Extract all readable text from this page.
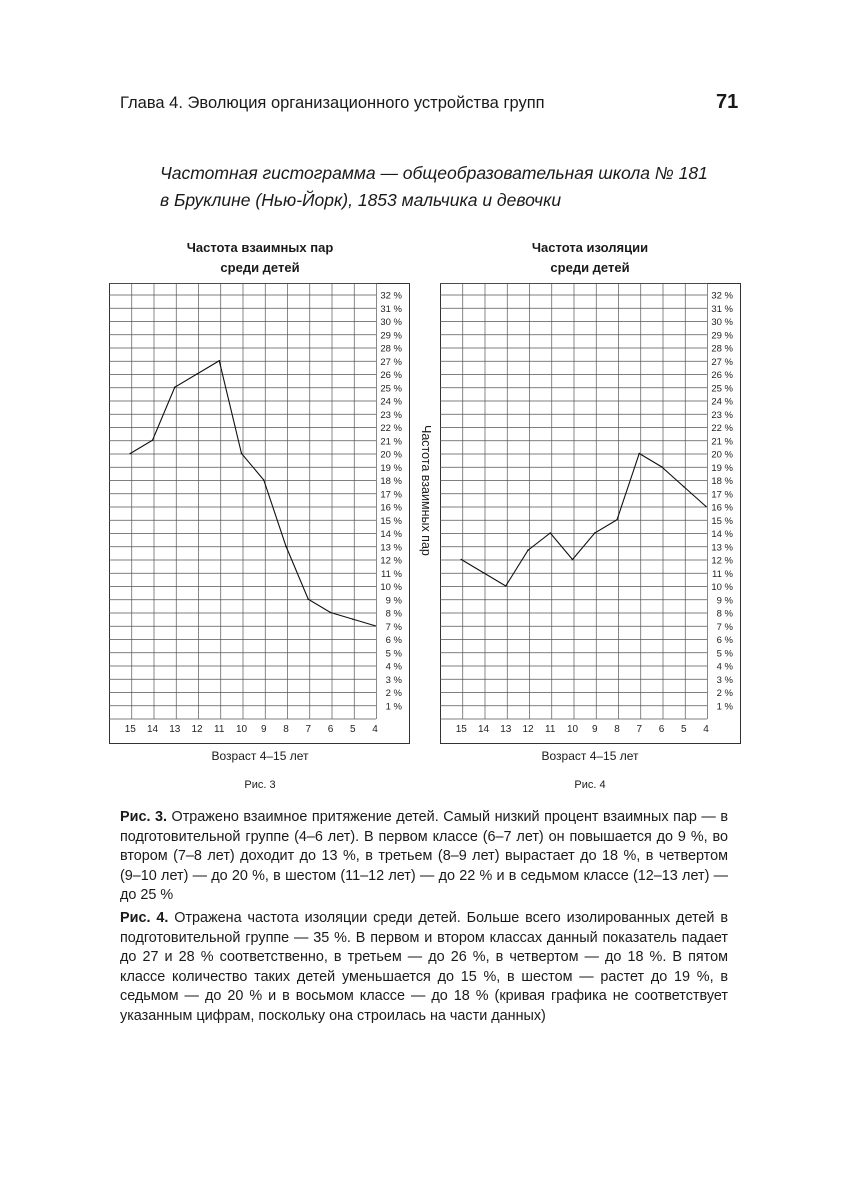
Глава 4. Эволюция организационного устройства групп	71
Частотная гистограмма — общеобразовательная школа № 181
в Бруклине (Нью-Йорк), 1853 мальчика и девочки
Частота взаимных пар
среди детей
Частота изоляции
среди детей
32 %
31 %
30 %
29 %
28 %
27 %
26 %
25 %
24 %
23 %
22 %
21 %
20 %
19 %
18 %
17 %
16 %
15 %
14 %
13 %
12 %
11 %
10 %
9 %
8 %
7 %
6 %
5 %
4 %
3 %
2 %
1 %
15 14 13 12 11 10 9 8 7 6 5 4
32 %
31 %
30 %
29 %
28 %
27 %
26 %
25 %
24 %
23 %
22 %
21 %
20 %
19 %
18 %
17 %
16 %
15 %
14 %
13 %
12 %
11 %
10 %
9 %
8 %
7 %
6 %
5 %
4 %
3 %
2 %
1 %
15 14 13 12 11 10 9 8 7 6 5 4
Частота взаимных пар
Возраст 4–15 лет	Возраст 4–15 лет
Рис. 3	Рис. 4
Рис. 3. Отражено взаимное притяжение детей. Самый низкий процент взаимных пар — в подготовительной группе (4–6 лет). В первом классе (6–7 лет) он повышается до 9 %, во втором (7–8 лет) доходит до 13 %, в третьем (8–9 лет) вырастает до 18 %, в четвертом (9–10 лет) — до 20 %, в шестом (11–12 лет) — до 22 % и в седьмом классе (12–13 лет) — до 25 %
Рис. 4. Отражена частота изоляции среди детей. Больше всего изолированных детей в подготовительной группе — 35 %. В первом и втором классах данный показатель падает до 27 и 28 % соответственно, в третьем — до 26 %, в четвертом — до 18 %. В пятом классе количество таких детей уменьшается до 15 %, в шестом — растет до 19 %, в седьмом — до 20 % и в восьмом классе — до 18 % (кривая графика не соответствует указанным цифрам, поскольку она строилась на части данных)
